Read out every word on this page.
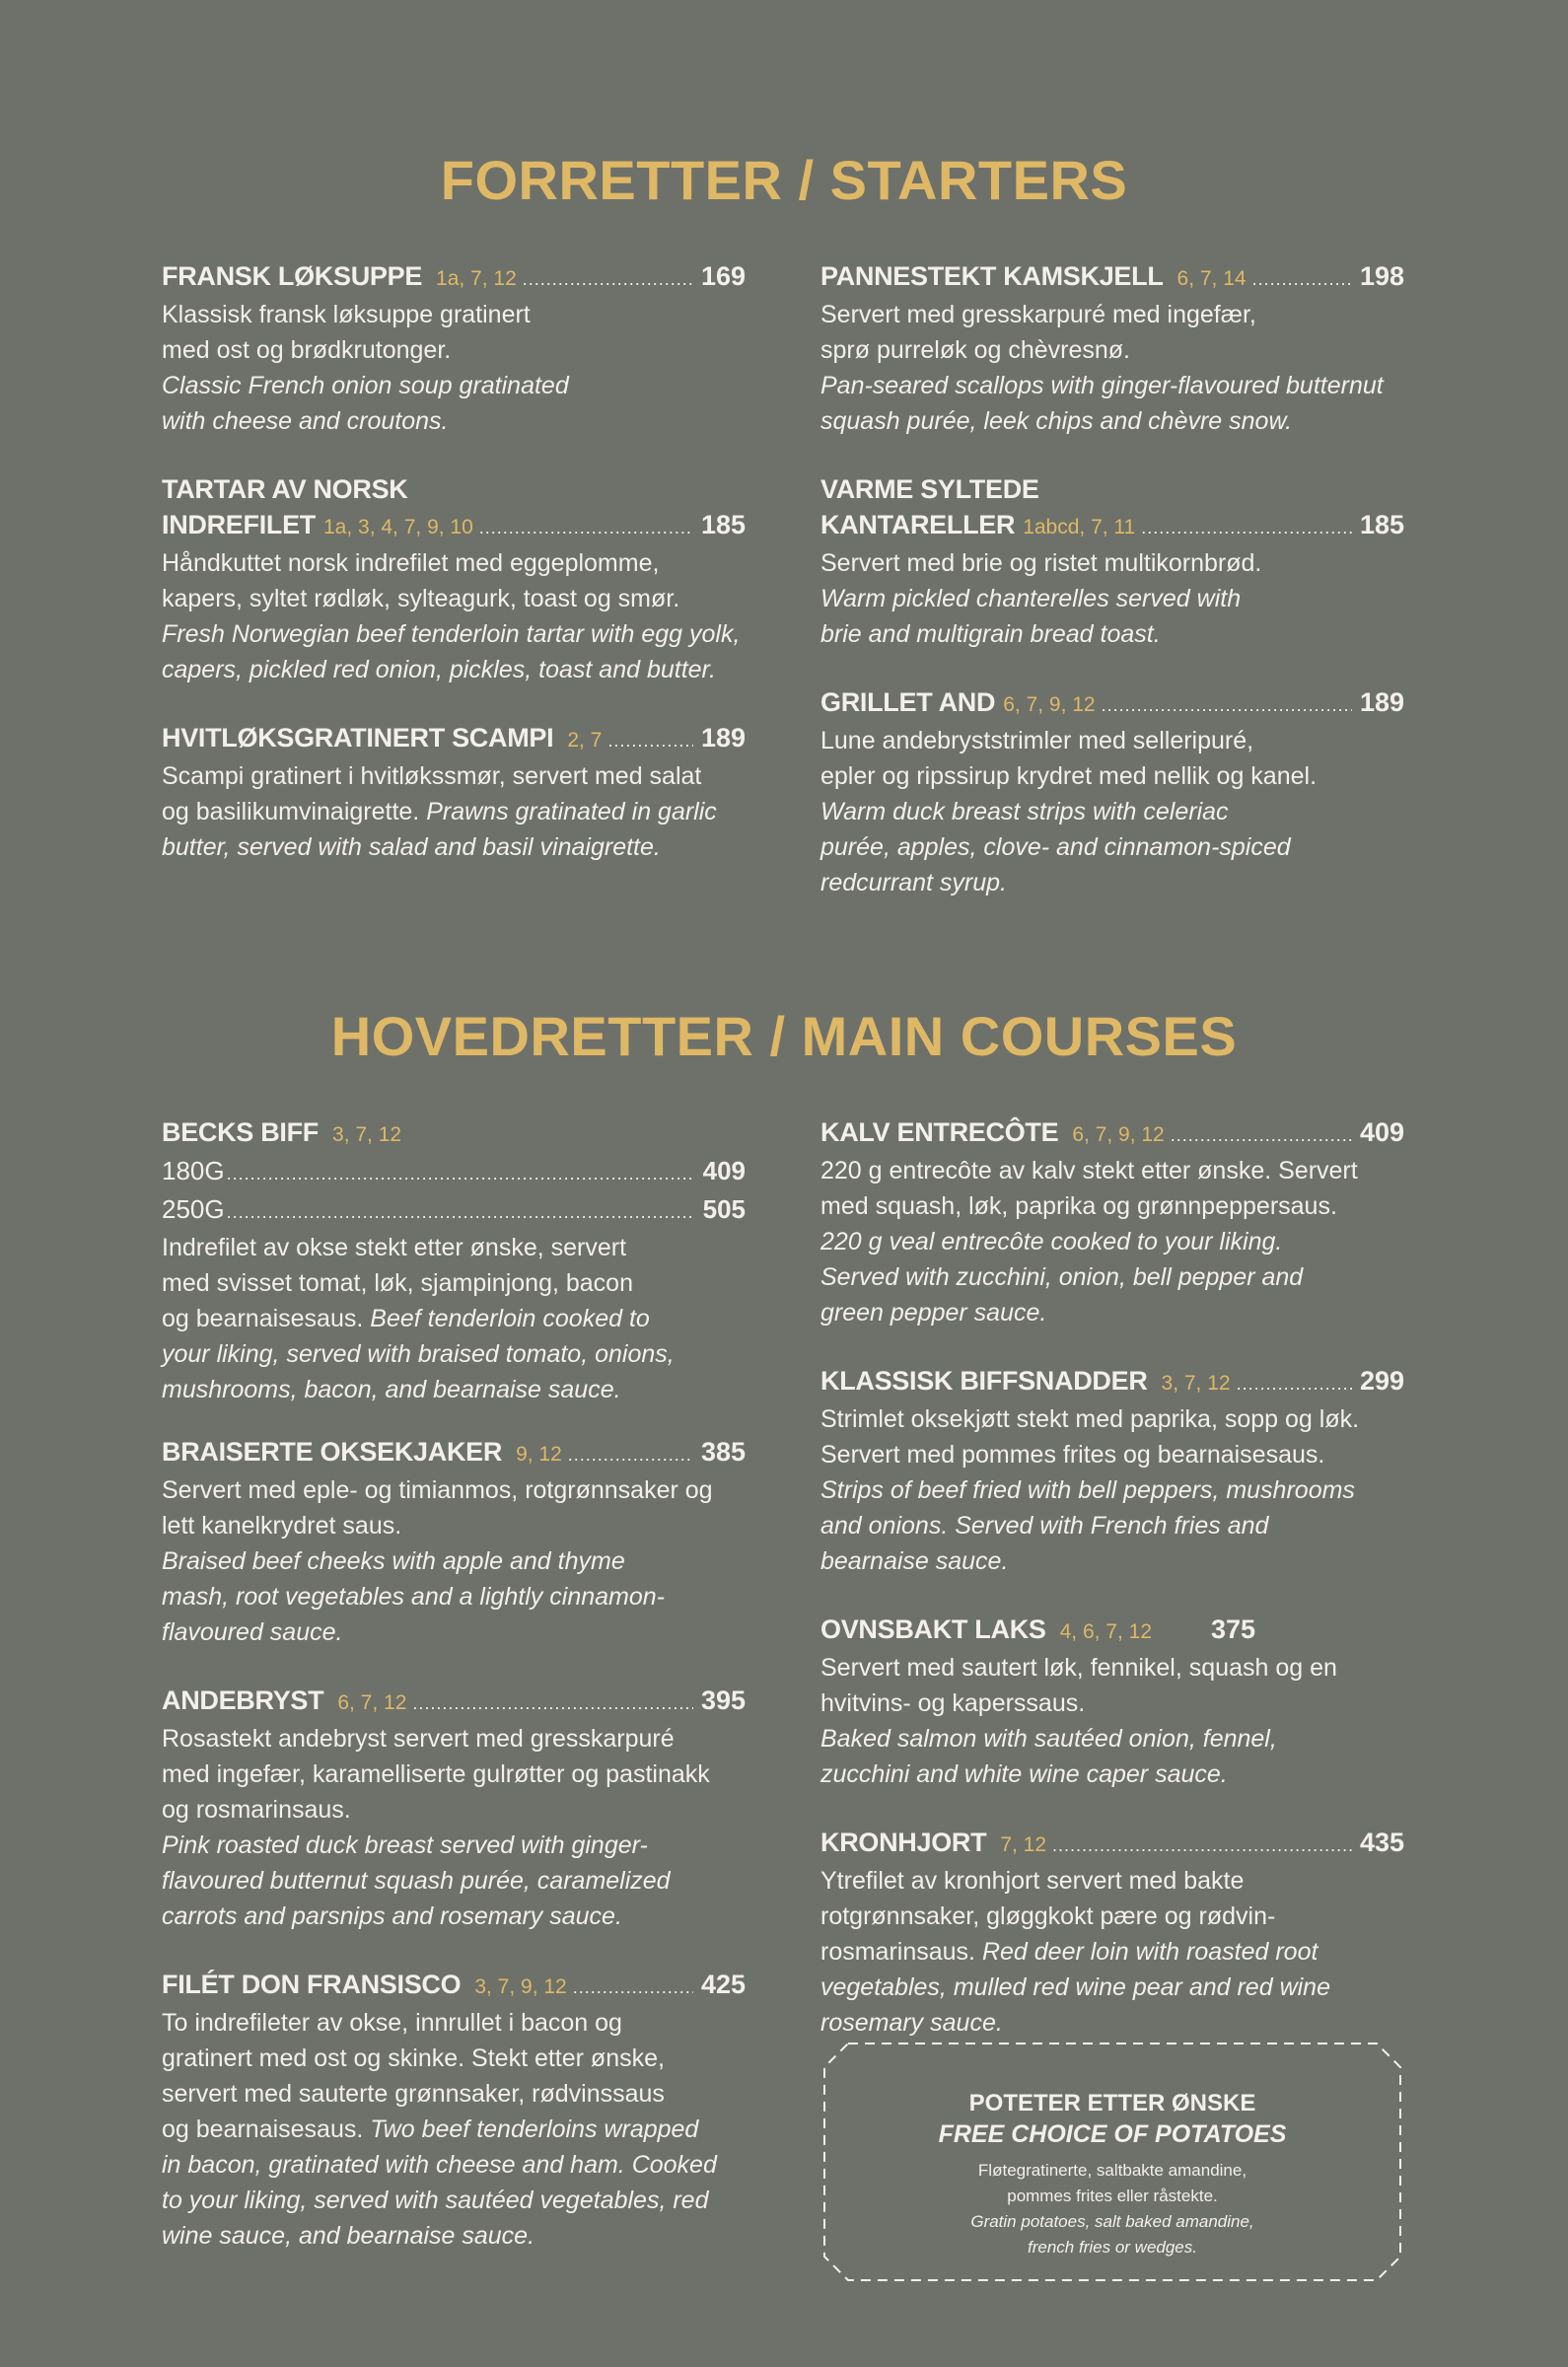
FORRETTER / STARTERS
FRANSK LØKSUPPE 1a, 7, 12 .....	169
Klassisk fransk løksuppe gratinert
med ost og brødkrutonger.
Classic French onion soup gratinated
with cheese and croutons.
TARTAR AV NORSK
INDREFILET 1a, 3, 4, 7, 9, 10 .....	185
Håndkuttet norsk indrefilet med eggeplomme,
kapers, syltet rødløk, sylteagurk, toast og smør.
Fresh Norwegian beef tenderloin tartar with egg yolk,
capers, pickled red onion, pickles, toast and butter.
HVITLØKSGRATINERT SCAMPI 2, 7 .....	189
Scampi gratinert i hvitløkssmør, servert med salat
og basilikumvinaigrette. Prawns gratinated in garlic
butter, served with salad and basil vinaigrette.
PANNESTEKT KAMSKJELL 6, 7, 14 .....	198
Servert med gresskarpuré med ingefær,
sprø purreløk og chèvresnø.
Pan-seared scallops with ginger-flavoured butternut
squash purée, leek chips and chèvre snow.
VARME SYLTEDE
KANTARELLER 1abcd, 7, 11 .....	185
Servert med brie og ristet multikornbrød.
Warm pickled chanterelles served with
brie and multigrain bread toast.
GRILLET AND 6, 7, 9, 12 .....	189
Lune andebryststrimler med selleripuré,
epler og ripssirup krydret med nellik og kanel.
Warm duck breast strips with celeriac
purée, apples, clove- and cinnamon-spiced
redcurrant syrup.
HOVEDRETTER / MAIN COURSES
BECKS BIFF 3, 7, 12
180G .....	409
250G .....	505
Indrefilet av okse stekt etter ønske, servert
med svisset tomat, løk, sjampinjong, bacon
og bearnaisesaus. Beef tenderloin cooked to
your liking, served with braised tomato, onions,
mushrooms, bacon, and bearnaise sauce.
BRAISERTE OKSEKJAKER 9, 12 .....	385
Servert med eple- og timianmos, rotgrønnsaker og
lett kanelkrydret saus.
Braised beef cheeks with apple and thyme
mash, root vegetables and a lightly cinnamon-
flavoured sauce.
ANDEBRYST 6, 7, 12 .....	395
Rosastekt andebryst servert med gresskarpuré
med ingefær, karamelliserte gulrøtter og pastinakk
og rosmarinsaus.
Pink roasted duck breast served with ginger-
flavoured butternut squash purée, caramelized
carrots and parsnips and rosemary sauce.
FILÉT DON FRANSISCO 3, 7, 9, 12 .....	425
To indrefileter av okse, innrullet i bacon og
gratinert med ost og skinke. Stekt etter ønske,
servert med sauterte grønnsaker, rødvinssaus
og bearnaisesaus. Two beef tenderloins wrapped
in bacon, gratinated with cheese and ham. Cooked
to your liking, served with sautéed vegetables, red
wine sauce, and bearnaise sauce.
KALV ENTRECÔTE 6, 7, 9, 12 .....	409
220 g entrecôte av kalv stekt etter ønske. Servert
med squash, løk, paprika og grønnpeppersaus.
220 g veal entrecôte cooked to your liking.
Served with zucchini, onion, bell pepper and
green pepper sauce.
KLASSISK BIFFSNADDER 3, 7, 12 .....	299
Strimlet oksekjøtt stekt med paprika, sopp og løk.
Servert med pommes frites og bearnaisesaus.
Strips of beef fried with bell peppers, mushrooms
and onions. Served with French fries and
bearnaise sauce.
OVNSBAKT LAKS 4, 6, 7, 12 375
Servert med sautert løk, fennikel, squash og en
hvitvins- og kaperssaus.
Baked salmon with sautéed onion, fennel,
zucchini and white wine caper sauce.
KRONHJORT 7, 12 .....	435
Ytrefilet av kronhjort servert med bakte
rotgrønnsaker, gløggkokt pære og rødvin-
rosmarinsaus. Red deer loin with roasted root
vegetables, mulled red wine pear and red wine
rosemary sauce.
POTETER ETTER ØNSKE
FREE CHOICE OF POTATOES
Fløtegratinerte, saltbakte amandine,
pommes frites eller råstekte.
Gratin potatoes, salt baked amandine,
french fries or wedges.
